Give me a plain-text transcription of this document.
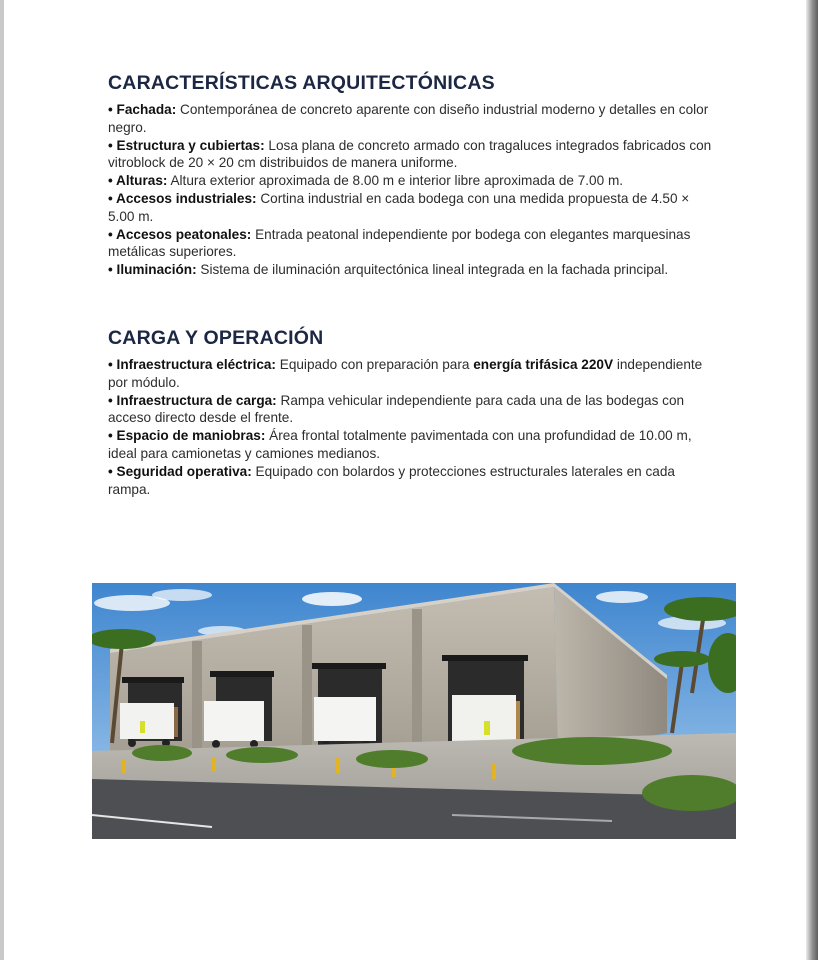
CARACTERÍSTICAS ARQUITECTÓNICAS
• Fachada: Contemporánea de concreto aparente con diseño industrial moderno y detalles en color negro.
• Estructura y cubiertas: Losa plana de concreto armado con tragaluces integrados fabricados con vitroblock de 20 × 20 cm distribuidos de manera uniforme.
• Alturas: Altura exterior aproximada de 8.00 m e interior libre aproximada de 7.00 m.
• Accesos industriales: Cortina industrial en cada bodega con una medida propuesta de 4.50 × 5.00 m.
• Accesos peatonales: Entrada peatonal independiente por bodega con elegantes marquesinas metálicas superiores.
• Iluminación: Sistema de iluminación arquitectónica lineal integrada en la fachada principal.
CARGA Y OPERACIÓN
• Infraestructura eléctrica: Equipado con preparación para energía trifásica 220V independiente por módulo.
• Infraestructura de carga: Rampa vehicular independiente para cada una de las bodegas con acceso directo desde el frente.
• Espacio de maniobras: Área frontal totalmente pavimentada con una profundidad de 10.00 m, ideal para camionetas y camiones medianos.
• Seguridad operativa: Equipado con bolardos y protecciones estructurales laterales en cada rampa.
